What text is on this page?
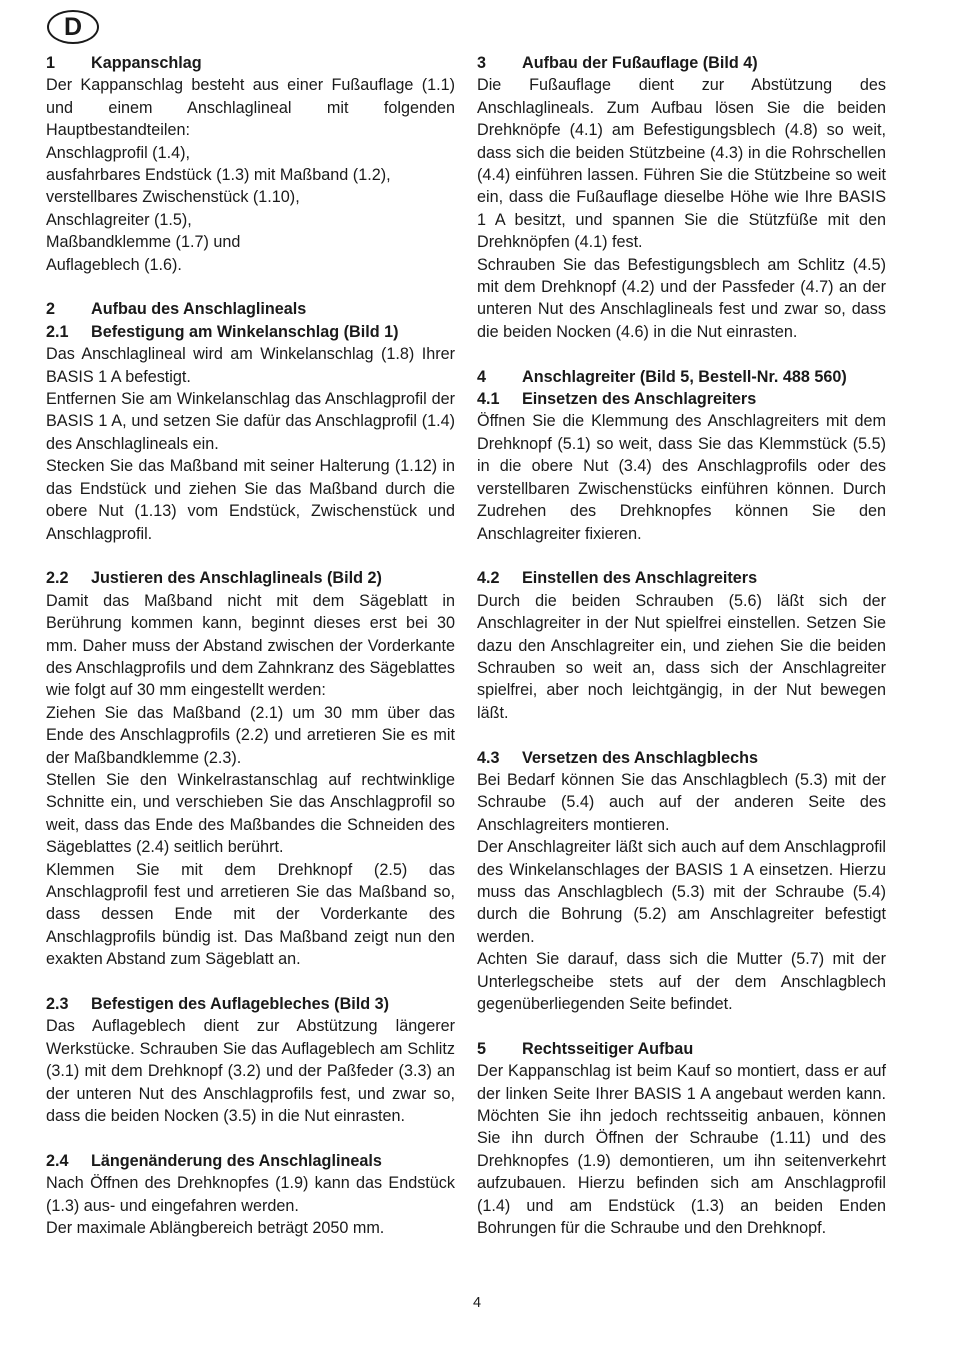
D
1 Kappanschlag

Der Kappanschlag besteht aus einer Fußauflage (1.1) und einem Anschlaglineal mit folgenden Hauptbestandteilen:

Anschlagprofil (1.4),

ausfahrbares Endstück (1.3) mit Maßband (1.2),

verstellbares Zwischenstück (1.10),

Anschlagreiter (1.5),

Maßbandklemme (1.7) und

Auflageblech (1.6).

2 Aufbau des Anschlaglineals
2.1 Befestigung am Winkelanschlag (Bild 1)

Das Anschlaglineal wird am Winkelanschlag (1.8) Ihrer BASIS 1 A befestigt.

Entfernen Sie am Winkelanschlag das Anschlagprofil der BASIS 1 A, und setzen Sie dafür das Anschlagprofil (1.4) des Anschlaglineals ein.

Stecken Sie das Maßband mit seiner Halterung (1.12) in das Endstück und ziehen Sie das Maßband durch die obere Nut (1.13) vom Endstück, Zwischenstück und Anschlagprofil.

2.2 Justieren des Anschlaglineals (Bild 2)

Damit das Maßband nicht mit dem Sägeblatt in Berührung kommen kann, beginnt dieses erst bei 30 mm. Daher muss der Abstand zwischen der Vorderkante des Anschlagprofils und dem Zahnkranz des Sägeblattes wie folgt auf 30 mm eingestellt werden:

Ziehen Sie das Maßband (2.1) um 30 mm über das Ende des Anschlagprofils (2.2) und arretieren Sie es mit der Maßbandklemme (2.3).

Stellen Sie den Winkelrastanschlag auf rechtwinklige Schnitte ein, und verschieben Sie das Anschlagprofil so weit, dass das Ende des Maßbandes die Schneiden des Sägeblattes (2.4) seitlich berührt.

Klemmen Sie mit dem Drehknopf (2.5) das Anschlagprofil fest und arretieren Sie das Maßband so, dass dessen Ende mit der Vorderkante des Anschlagprofils bündig ist. Das Maßband zeigt nun den exakten Abstand zum Sägeblatt an.

2.3 Befestigen des Auflagebleches (Bild 3)

Das Auflageblech dient zur Abstützung längerer Werkstücke. Schrauben Sie das Auflageblech am Schlitz (3.1) mit dem Drehknopf (3.2) und der Paßfeder (3.3) an der unteren Nut des Anschlagprofils fest, und zwar so, dass die beiden Nocken (3.5) in die Nut einrasten.

2.4 Längenänderung des Anschlaglineals

Nach Öffnen des Drehknopfes (1.9) kann das Endstück (1.3) aus- und eingefahren werden.

Der maximale Ablängbereich beträgt 2050 mm.

3 Aufbau der Fußauflage (Bild 4)

Die Fußauflage dient zur Abstützung des Anschlaglineals. Zum Aufbau lösen Sie die beiden Drehknöpfe (4.1) am Befestigungsblech (4.8) so weit, dass sich die beiden Stützbeine (4.3) in die Rohrschellen (4.4) einführen lassen. Führen Sie die Stützbeine so weit ein, dass die Fußauflage dieselbe Höhe wie Ihre BASIS 1 A besitzt, und spannen Sie die Stützfüße mit den Drehknöpfen (4.1) fest.

Schrauben Sie das Befestigungsblech am Schlitz (4.5) mit dem Drehknopf (4.2) und der Passfeder (4.7) an der unteren Nut des Anschlaglineals fest und zwar so, dass die beiden Nocken (4.6) in die Nut einrasten.

4 Anschlagreiter (Bild 5, Bestell-Nr. 488 560)
4.1 Einsetzen des Anschlagreiters

Öffnen Sie die Klemmung des Anschlagreiters mit dem Drehknopf (5.1) so weit, dass Sie das Klemmstück (5.5) in die obere Nut (3.4) des Anschlagprofils oder des verstellbaren Zwischenstücks einführen können. Durch Zudrehen des Drehknopfes können Sie den Anschlagreiter fixieren.

4.2 Einstellen des Anschlagreiters

Durch die beiden Schrauben (5.6) läßt sich der Anschlagreiter in der Nut spielfrei einstellen. Setzen Sie dazu den Anschlagreiter ein, und ziehen Sie die beiden Schrauben so weit an, dass sich der Anschlagreiter spielfrei, aber noch leichtgängig, in der Nut bewegen läßt.

4.3 Versetzen des Anschlagblechs

Bei Bedarf können Sie das Anschlagblech (5.3) mit der Schraube (5.4) auch auf der anderen Seite des Anschlagreiters montieren.

Der Anschlagreiter läßt sich auch auf dem Anschlagprofil des Winkelanschlages der BASIS 1 A einsetzen. Hierzu muss das Anschlagblech (5.3) mit der Schraube (5.4) durch die Bohrung (5.2) am Anschlagreiter befestigt werden.

Achten Sie darauf, dass sich die Mutter (5.7) mit der Unterlegscheibe stets auf der dem Anschlagblech gegenüberliegenden Seite befindet.

5 Rechtsseitiger Aufbau

Der Kappanschlag ist beim Kauf so montiert, dass er auf der linken Seite Ihrer BASIS 1 A angebaut werden kann. Möchten Sie ihn jedoch rechtsseitig anbauen, können Sie ihn durch Öffnen der Schraube (1.11) und des Drehknopfes (1.9) demontieren, um ihn seitenverkehrt aufzubauen. Hierzu befinden sich am Anschlagprofil (1.4) und am Endstück (1.3) an beiden Enden Bohrungen für die Schraube und den Drehknopf.

4
